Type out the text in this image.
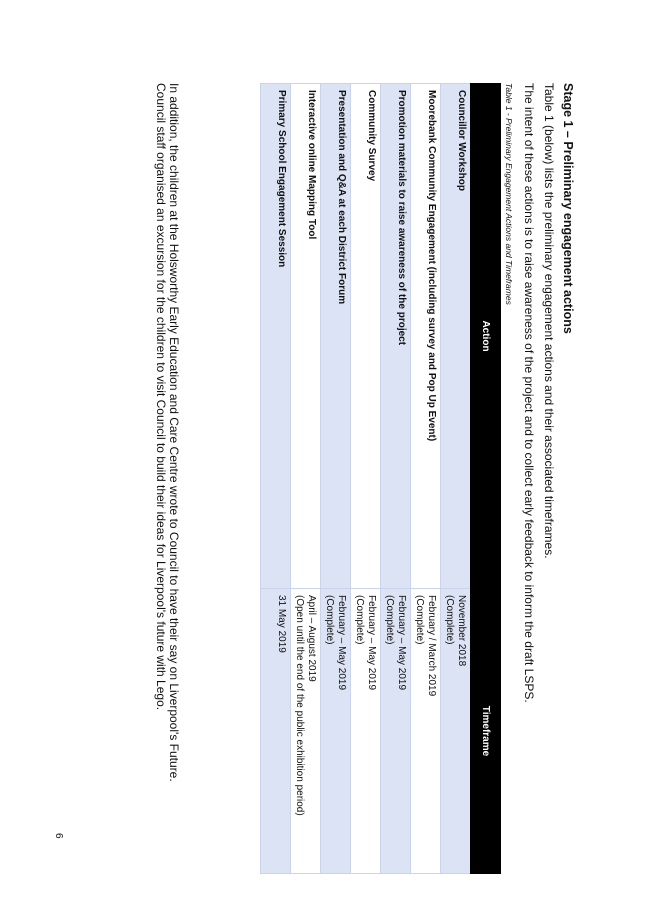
Stage 1 – Preliminary engagement actions

Table 1 (below) lists the preliminary engagement actions and their associated timeframes.

The intent of these actions is to raise awareness of the project and to collect early feedback to inform the draft LSPS.

Table 1 - Preliminary Engagement Actions and Timeframes

Action	Timeframe
Councillor Workshop	November 2018
(Complete)

Moorebank Community Engagement (including survey and Pop Up Event)	February / March 2019
(Complete)

Promotion materials to raise awareness of the project	February – May 2019
(Complete)

Community Survey	February – May 2019
(Complete)

Presentation and Q&A at each District Forum	February – May 2019
(Complete)

Interactive online Mapping Tool	April – August 2019
(Open until the end of the public exhibition period)

Primary School Engagement Session	31 May 2019

In addition, the children at the Holsworthy Early Education and Care Centre wrote to Council to have their say on Liverpool's Future.
Council staff organised an excursion for the children to visit Council to build their ideas for Liverpool's future with Lego.

6
